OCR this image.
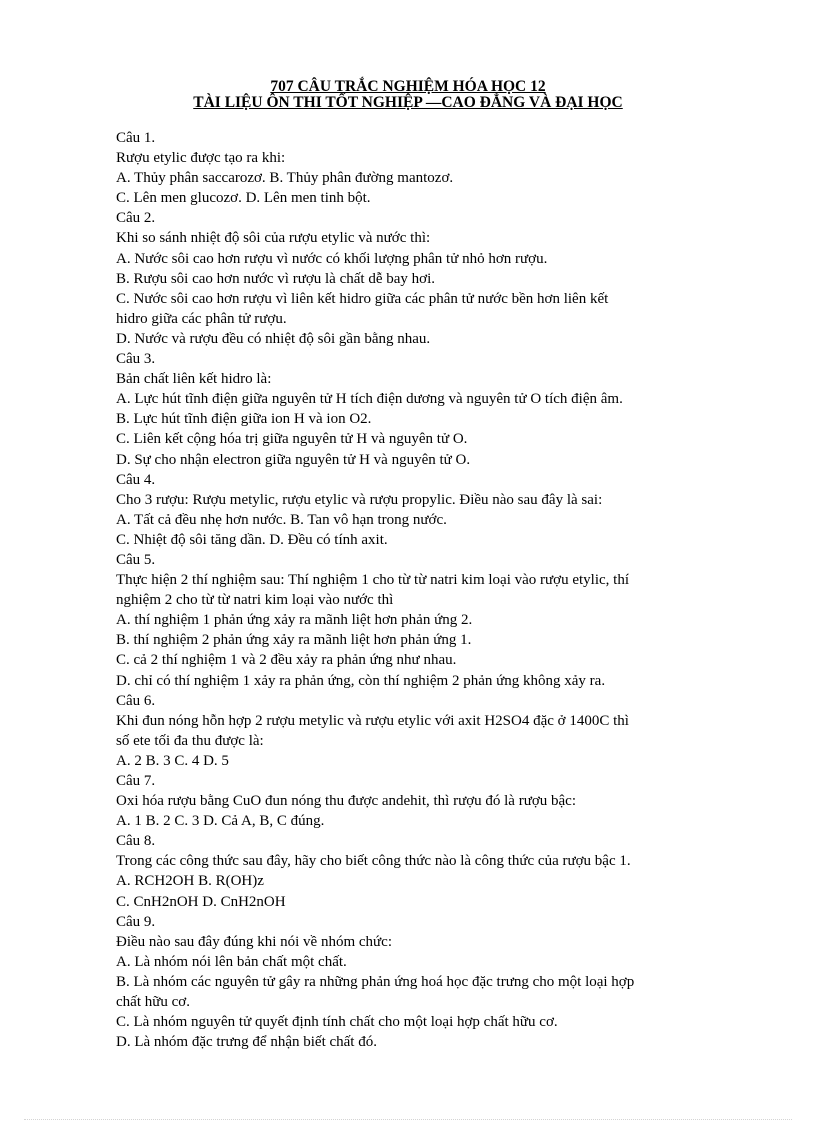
707 CÂU TRẮC NGHIỆM HÓA HỌC 12
TÀI LIỆU ÔN THI TỐT NGHIỆP —CAO ĐẲNG VÀ ĐẠI HỌC

Câu 1.

Rượu etylic được tạo ra khi:

A. Thủy phân saccarozơ. B. Thủy phân đường mantozơ.

C. Lên men glucozơ. D. Lên men tinh bột.

Câu 2.

Khi so sánh nhiệt độ sôi của rượu etylic và nước thì:

A. Nước sôi cao hơn rượu vì nước có khối lượng phân tử nhỏ hơn rượu.

B. Rượu sôi cao hơn nước vì rượu là chất dễ bay hơi.

C. Nước sôi cao hơn rượu vì liên kết hidro giữa các phân tử nước bền hơn liên kết

hidro giữa các phân tử rượu.

D. Nước và rượu đều có nhiệt độ sôi gần bằng nhau.

Câu 3.

Bản chất liên kết hidro là:

A. Lực hút tĩnh điện giữa nguyên tử H tích điện dương và nguyên tử O tích điện âm.

B. Lực hút tĩnh điện giữa ion H và ion O2.

C. Liên kết cộng hóa trị giữa nguyên tử H và nguyên tử O.

D. Sự cho nhận electron giữa nguyên tử H và nguyên tử O.

Câu 4.

Cho 3 rượu: Rượu metylic, rượu etylic và rượu propylic. Điều nào sau đây là sai:

A. Tất cả đều nhẹ hơn nước. B. Tan vô hạn trong nước.

C. Nhiệt độ sôi tăng dần. D. Đều có tính axit.

Câu 5.

Thực hiện 2 thí nghiệm sau: Thí nghiệm 1 cho từ từ natri kim loại vào rượu etylic, thí

nghiệm 2 cho từ từ natri kim loại vào nước thì

A. thí nghiệm 1 phản ứng xảy ra mãnh liệt hơn phản ứng 2.

B. thí nghiệm 2 phản ứng xảy ra mãnh liệt hơn phản ứng 1.

C. cả 2 thí nghiệm 1 và 2 đều xảy ra phản ứng như nhau.

D. chỉ có thí nghiệm 1 xảy ra phản ứng, còn thí nghiệm 2 phản ứng không xảy ra.

Câu 6.

Khi đun nóng hỗn hợp 2 rượu metylic và rượu etylic với axit H2SO4 đặc ở 1400C thì

số ete tối đa thu được là:

A. 2 B. 3 C. 4 D. 5

Câu 7.

Oxi hóa rượu bằng CuO đun nóng thu được andehit, thì rượu đó là rượu bậc:

A. 1 B. 2 C. 3 D. Cả A, B, C đúng.

Câu 8.

Trong các công thức sau đây, hãy cho biết công thức nào là công thức của rượu bậc 1.

A. RCH2OH B. R(OH)z

C. CnH2nOH D. CnH2nOH

Câu 9.

Điều nào sau đây đúng khi nói về nhóm chức:

A. Là nhóm nói lên bản chất một chất.

B. Là nhóm các nguyên tử gây ra những phản ứng hoá học đặc trưng cho một loại hợp

chất hữu cơ.

C. Là nhóm nguyên tử quyết định tính chất cho một loại hợp chất hữu cơ.

D. Là nhóm đặc trưng để nhận biết chất đó.
